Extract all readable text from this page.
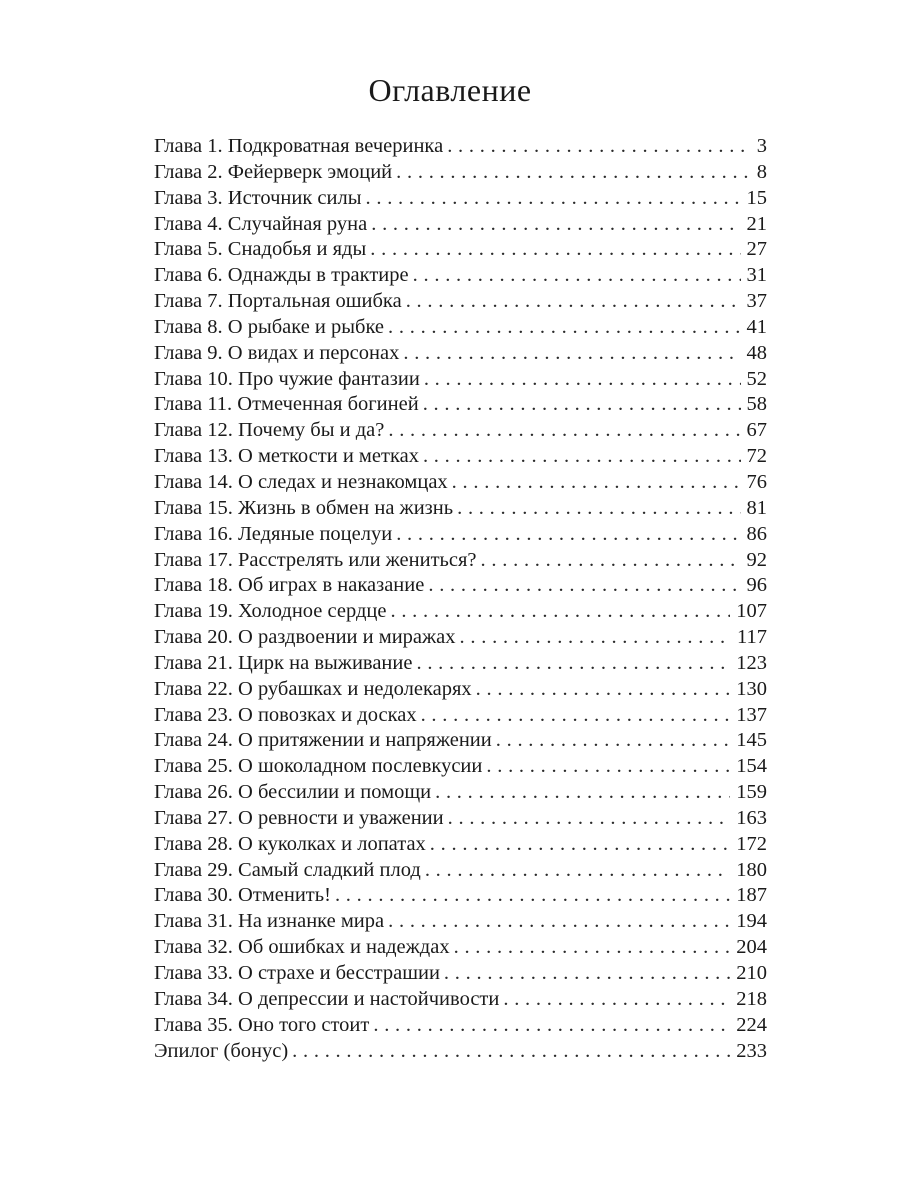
Оглавление
Глава 1. Подкроватная вечеринка . . .	3
Глава 2. Фейерверк эмоций . . .	8
Глава 3. Источник силы . . .	15
Глава 4. Случайная руна . . .	21
Глава 5. Снадобья и яды . . .	27
Глава 6. Однажды в трактире . . .	31
Глава 7. Портальная ошибка . . .	37
Глава 8. О рыбаке и рыбке . . .	41
Глава 9. О видах и персонах . . .	48
Глава 10. Про чужие фантазии . . .	52
Глава 11. Отмеченная богиней . . .	58
Глава 12. Почему бы и да? . . .	67
Глава 13. О меткости и метках . . .	72
Глава 14. О следах и незнакомцах . . .	76
Глава 15. Жизнь в обмен на жизнь . . .	81
Глава 16. Ледяные поцелуи . . .	86
Глава 17. Расстрелять или жениться? . . .	92
Глава 18. Об играх в наказание . . .	96
Глава 19. Холодное сердце . . .	107
Глава 20. О раздвоении и миражах . . .	117
Глава 21. Цирк на выживание . . .	123
Глава 22. О рубашках и недолекарях . . .	130
Глава 23. О повозках и досках . . .	137
Глава 24. О притяжении и напряжении . . .	145
Глава 25. О шоколадном послевкусии . . .	154
Глава 26. О бессилии и помощи . . .	159
Глава 27. О ревности и уважении . . .	163
Глава 28. О куколках и лопатах . . .	172
Глава 29. Самый сладкий плод . . .	180
Глава 30. Отменить! . . .	187
Глава 31. На изнанке мира . . .	194
Глава 32. Об ошибках и надеждах . . .	204
Глава 33. О страхе и бесстрашии . . .	210
Глава 34. О депрессии и настойчивости . . .	218
Глава 35. Оно того стоит . . .	224
Эпилог (бонус) . . .	233
